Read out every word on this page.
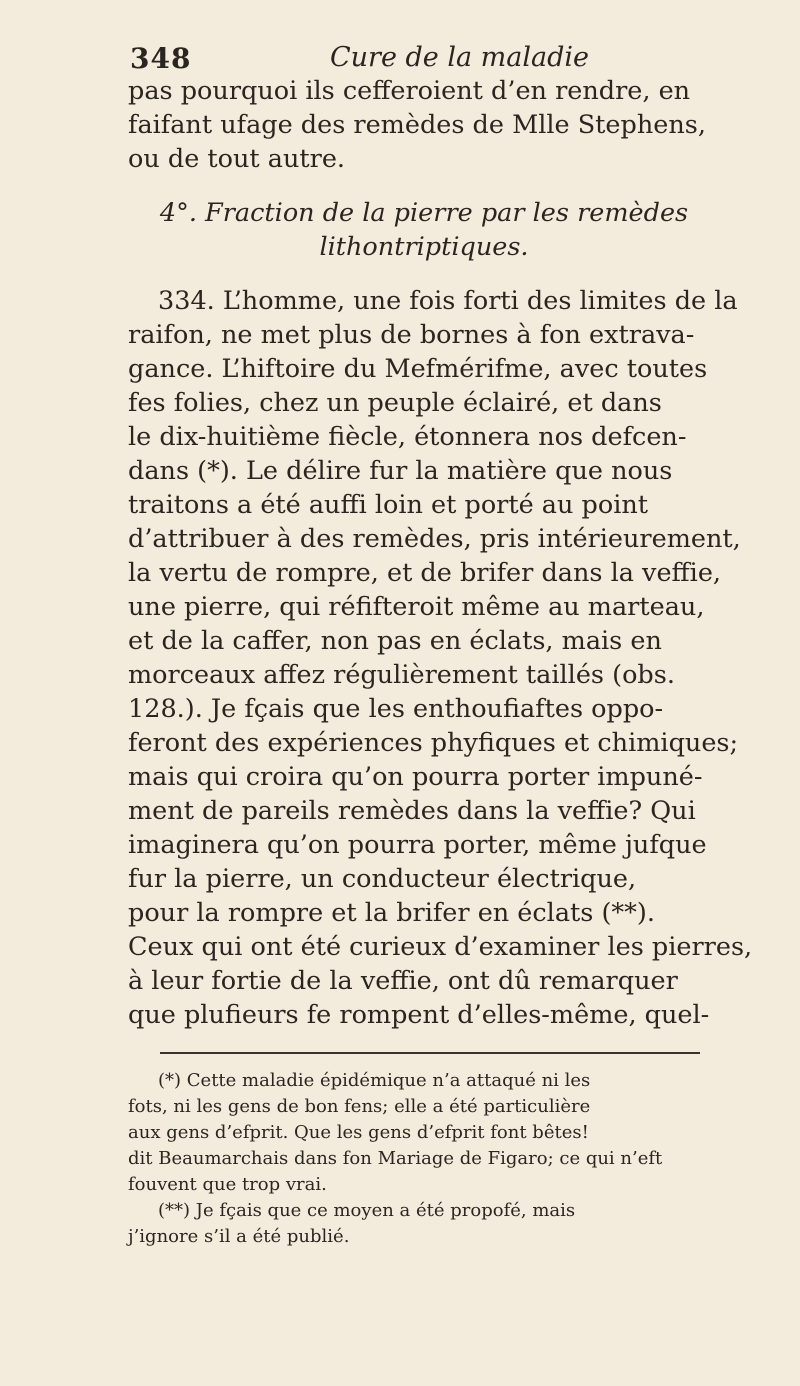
348	Cure de la maladie
pas pourquoi ils cefferoient d’en rendre, en
faifant ufage des remèdes de Mlle Stephens,
ou de tout autre.
4°. Fraction de la pierre par les remèdes
lithontriptiques.
334. L’homme, une fois forti des limites de la
raifon, ne met plus de bornes à fon extrava-
gance. L’hiftoire du Mefmérifme, avec toutes
fes folies, chez un peuple éclairé, et dans
le dix-huitième fiècle, étonnera nos defcen-
dans (*). Le délire fur la matière que nous
traitons a été auffi loin et porté au point
d’attribuer à des remèdes, pris intérieurement,
la vertu de rompre, et de brifer dans la veffie,
une pierre, qui réfifteroit même au marteau,
et de la caffer, non pas en éclats, mais en
morceaux affez régulièrement taillés (obs.
128.). Je fçais que les enthoufiaftes oppo-
feront des expériences phyfiques et chimiques;
mais qui croira qu’on pourra porter impuné-
ment de pareils remèdes dans la veffie? Qui
imaginera qu’on pourra porter, même jufque
fur la pierre, un conducteur électrique,
pour la rompre et la brifer en éclats (**).
Ceux qui ont été curieux d’examiner les pierres,
à leur fortie de la veffie, ont dû remarquer
que plufieurs fe rompent d’elles-même, quel-
(*) Cette maladie épidémique n’a attaqué ni les
fots, ni les gens de bon fens; elle a été particulière
aux gens d’efprit. Que les gens d’efprit font bêtes!
dit Beaumarchais dans fon Mariage de Figaro; ce qui n’eft
fouvent que trop vrai.
(**) Je fçais que ce moyen a été propofé, mais
j’ignore s’il a été publié.
